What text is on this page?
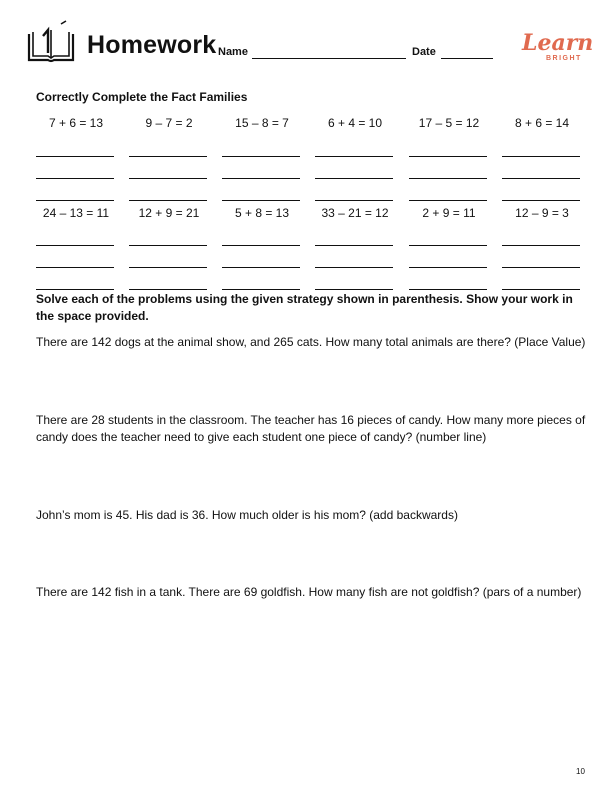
Homework Name	Date	Learn
BRIGHT
Correctly Complete the Fact Families
7 + 6 = 13	9 – 7 = 2	15 – 8 = 7	6 + 4 = 10	17 – 5 = 12	8 + 6 = 14
24 – 13 = 11	12 + 9 = 21	5 + 8 = 13	33 – 21 = 12	2 + 9 = 11	12 – 9 = 3
Solve each of the problems using the given strategy shown in parenthesis. Show your work in the space provided.
There are 142 dogs at the animal show, and 265 cats. How many total animals are there? (Place Value)
There are 28 students in the classroom. The teacher has 16 pieces of candy. How many more pieces of candy does the teacher need to give each student one piece of candy? (number line)
John’s mom is 45. His dad is 36. How much older is his mom? (add backwards)
There are 142 fish in a tank. There are 69 goldfish. How many fish are not goldfish? (pars of a number)
10
